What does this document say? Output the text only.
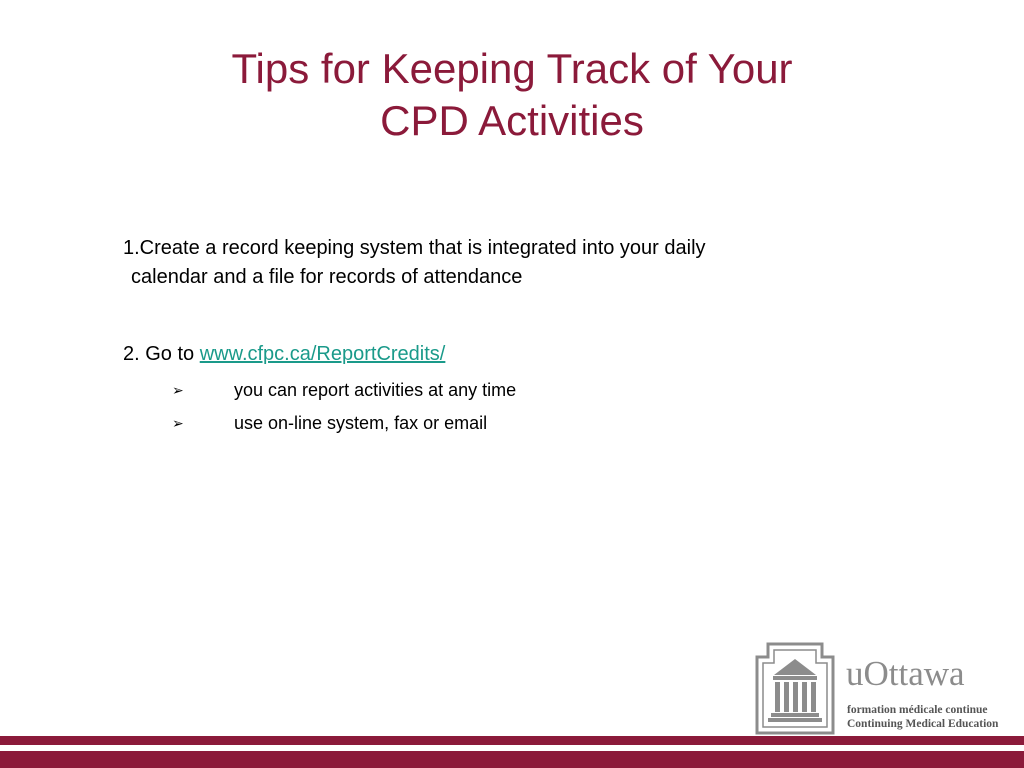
Tips for Keeping Track of Your
CPD Activities
1.Create a record keeping system that is integrated into your daily
calendar and a file for records of attendance
2. Go to www.cfpc.ca/ReportCredits/
➢	you can report activities at any time
➢	use on-line system, fax or email
uOttawa
formation médicale continue
Continuing Medical Education
